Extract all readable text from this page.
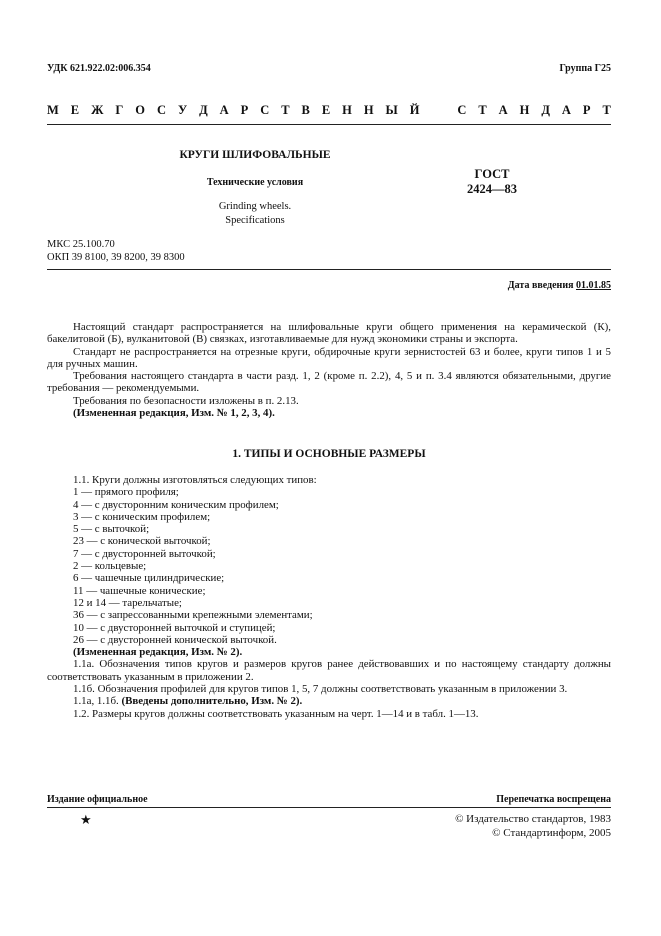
УДК 621.922.02:006.354	Группа Г25
М Е Ж Г О С У Д А Р С Т В Е Н Н Ы Й	С Т А Н Д А Р Т
КРУГИ ШЛИФОВАЛЬНЫЕ
Технические условия
Grinding wheels.
Specifications
ГОСТ
2424—83
МКС 25.100.70
ОКП 39 8100, 39 8200, 39 8300
Дата введения 01.01.85

Настоящий стандарт распространяется на шлифовальные круги общего применения на керамической (К), бакелитовой (Б), вулканитовой (В) связках, изготавливаемые для нужд экономики страны и экспорта.

Стандарт не распространяется на отрезные круги, обдирочные круги зернистостей 63 и более, круги типов 1 и 5 для ручных машин.

Требования настоящего стандарта в части разд. 1, 2 (кроме п. 2.2), 4, 5 и п. 3.4 являются обязательными, другие требования — рекомендуемыми.

Требования по безопасности изложены в п. 2.13.

(Измененная редакция, Изм. № 1, 2, 3, 4).

1. ТИПЫ И ОСНОВНЫЕ РАЗМЕРЫ

1.1. Круги должны изготовляться следующих типов:

1 — прямого профиля;

4 — с двусторонним коническим профилем;

3 — с коническим профилем;

5 — с выточкой;

23 — с конической выточкой;

7 — с двусторонней выточкой;

2 — кольцевые;

6 — чашечные цилиндрические;

11 — чашечные конические;

12 и 14 — тарельчатые;

36 — с запрессованными крепежными элементами;

10 — с двусторонней выточкой и ступицей;

26 — с двусторонней конической выточкой.

(Измененная редакция, Изм. № 2).

1.1а. Обозначения типов кругов и размеров кругов ранее действовавших и по настоящему стандарту должны соответствовать указанным в приложении 2.

1.1б. Обозначения профилей для кругов типов 1, 5, 7 должны соответствовать указанным в приложении 3.

1.1а, 1.1б. (Введены дополнительно, Изм. № 2).

1.2. Размеры кругов должны соответствовать указанным на черт. 1—14 и в табл. 1—13.

Издание официальное	Перепечатка воспрещена
★	© Издательство стандартов, 1983
© Стандартинформ, 2005
